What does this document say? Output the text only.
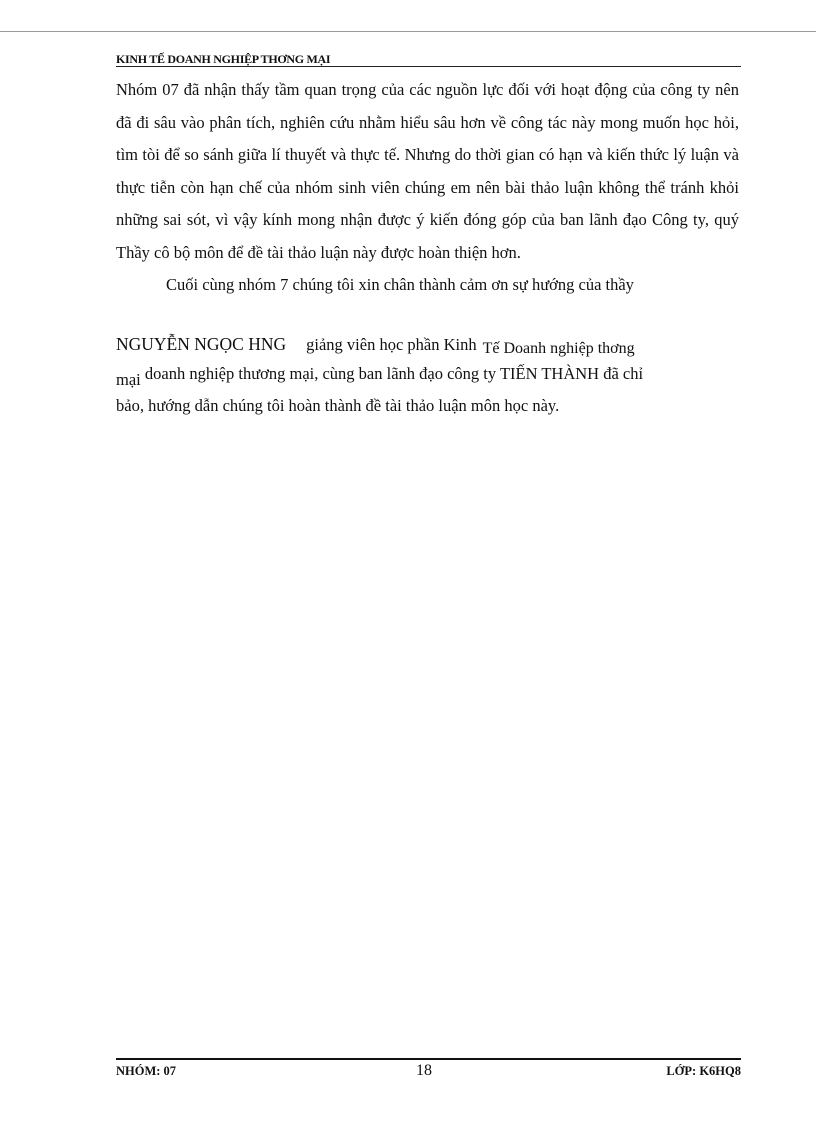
KINH TẾ DOANH NGHIỆP THƠNG MẠI

Nhóm 07 đã nhận thấy tầm quan trọng của các nguồn lực đối với hoạt động của công ty nên đã đi sâu vào phân tích, nghiên cứu nhằm hiểu sâu hơn về công tác này mong muốn học hỏi, tìm tòi để so sánh giữa lí thuyết và thực tế. Nhưng do thời gian có hạn và kiến thức lý luận và thực tiễn còn hạn chế của nhóm sinh viên chúng em nên bài thảo luận không thể tránh khỏi những sai sót, vì vậy kính mong nhận được ý kiến đóng góp của ban lãnh đạo Công ty, quý Thầy cô bộ môn để đề tài thảo luận này được hoàn thiện hơn.

Cuối cùng nhóm 7 chúng tôi xin chân thành cảm ơn sự hướng của thầy

NGUYỄN NGỌC HNG giảng viên học phần Kinh Tế Doanh nghiệp thơng
mại doanh nghiệp thương mại, cùng ban lãnh đạo công ty TIẾN THÀNH đã chỉ
bảo, hướng dẫn chúng tôi hoàn thành đề tài thảo luận môn học này.
NHÓM: 07	18	LỚP: K6HQ8
